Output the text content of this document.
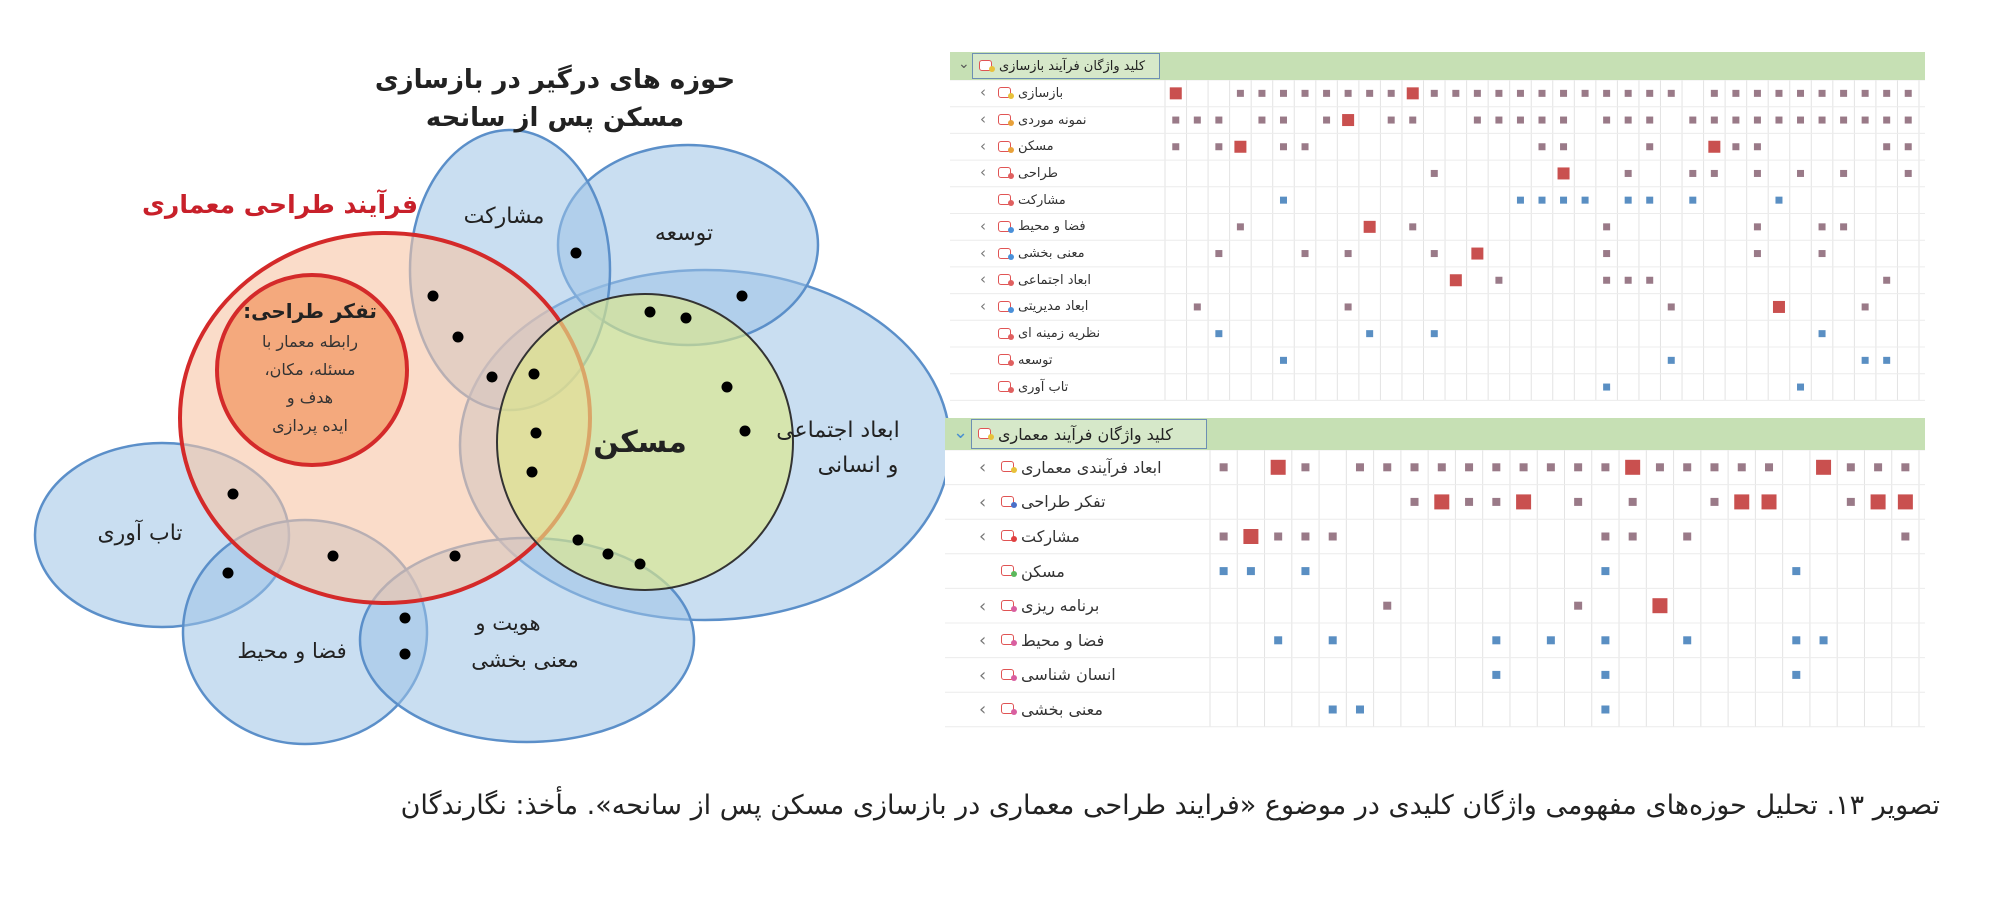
حوزه های درگیر در بازسازی
مسکن پس از سانحه
فرآیند طراحی معماری مشارکت
توسعه
تفکر طراحی:
رابطه معمار با
مسئله، مکان،
هدف و
ایده پردازی	مسکن	ابعاد اجتماعی
و انسانی
تاب آوری
فضا و محیط
هویت و
معنی بخشی
⌄ کلید واژگان فرآیند بازسازی
‹ بازسازی
‹ نمونه موردی
‹ مسکن
‹ طراحی
مشارکت
‹ فضا و محیط
‹ معنی بخشی
‹ ابعاد اجتماعی
‹ ابعاد مدیریتی
نظریه زمینه ای
توسعه
تاب آوری
⌄ کلید واژگان فرآیند معماری
‹ ابعاد فرآیندی معماری
‹ تفکر طراحی
‹ مشارکت
مسکن
‹ برنامه ریزی
‹ فضا و محیط
‹ انسان شناسی
‹ معنی بخشی
تصویر ۱۳. تحلیل حوزه‌های مفهومی واژگان کلیدی در موضوع «فرایند طراحی معماری در بازسازی مسکن پس از سانحه». مأخذ: نگارندگان
